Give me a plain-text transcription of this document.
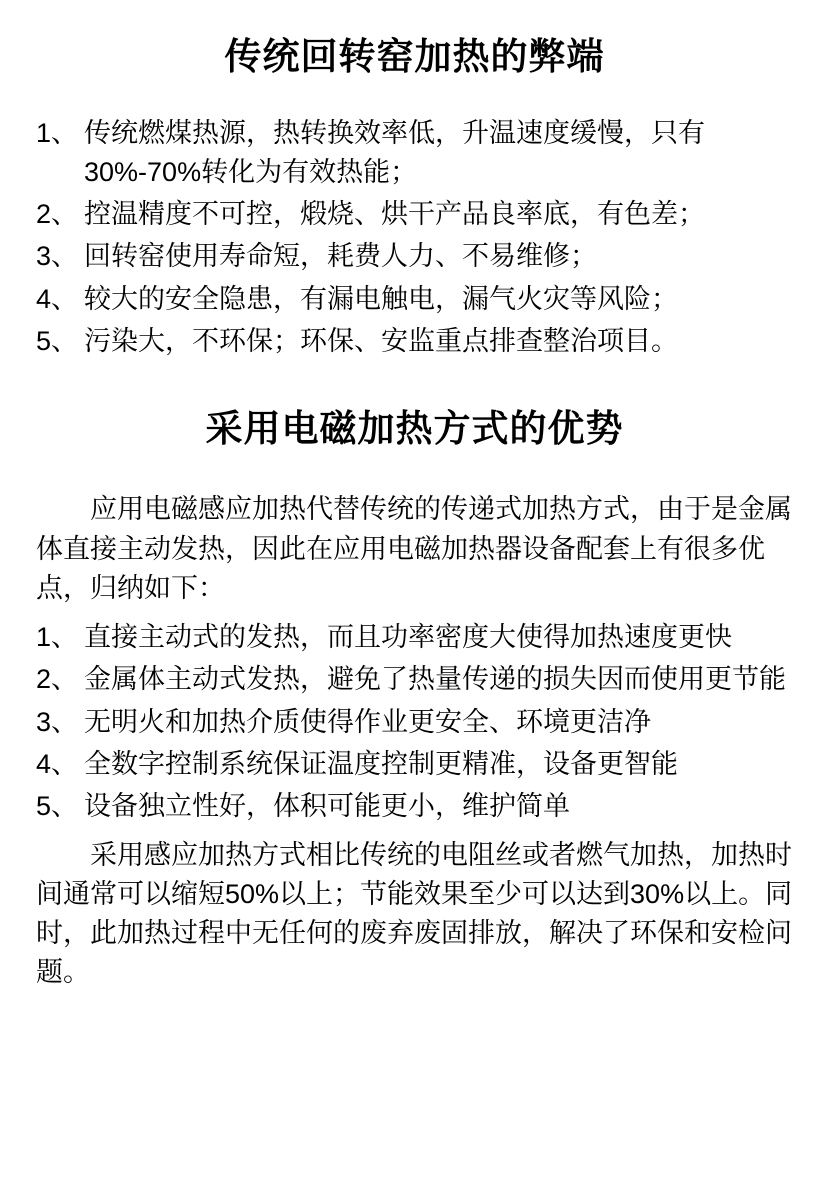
传统回转窑加热的弊端
1、 传统燃煤热源，热转换效率低，升温速度缓慢，只有30%-70%转化为有效热能；
2、 控温精度不可控，煅烧、烘干产品良率底，有色差；
3、 回转窑使用寿命短，耗费人力、不易维修；
4、 较大的安全隐患，有漏电触电，漏气火灾等风险；
5、 污染大，不环保；环保、安监重点排查整治项目。
采用电磁加热方式的优势

应用电磁感应加热代替传统的传递式加热方式，由于是金属体直接主动发热，因此在应用电磁加热器设备配套上有很多优点，归纳如下：

1、 直接主动式的发热，而且功率密度大使得加热速度更快
2、 金属体主动式发热，避免了热量传递的损失因而使用更节能
3、 无明火和加热介质使得作业更安全、环境更洁净
4、 全数字控制系统保证温度控制更精准，设备更智能
5、 设备独立性好，体积可能更小，维护简单

采用感应加热方式相比传统的电阻丝或者燃气加热，加热时间通常可以缩短50%以上；节能效果至少可以达到30%以上。同时，此加热过程中无任何的废弃废固排放，解决了环保和安检问题。
